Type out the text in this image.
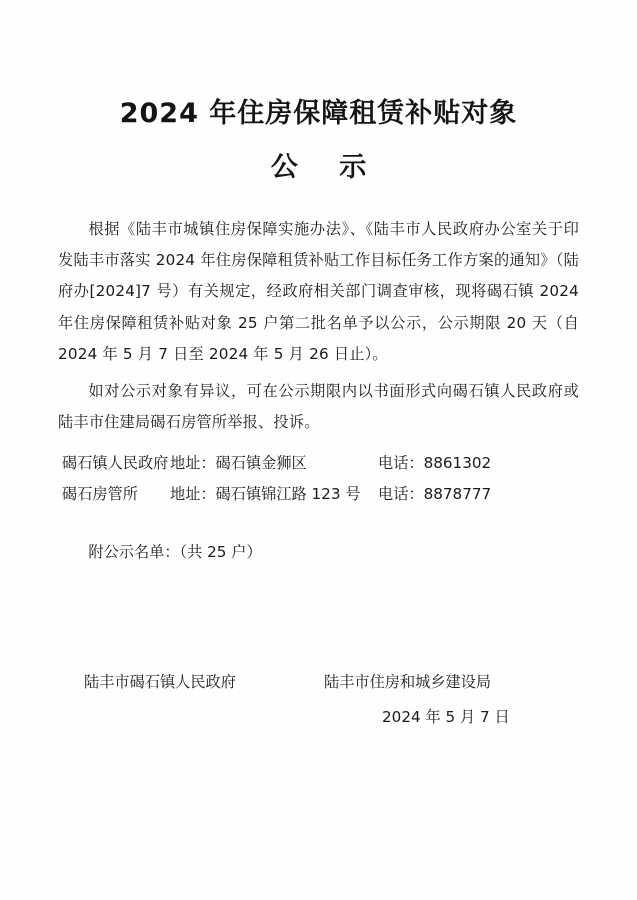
2024 年住房保障租赁补贴对象
公 示

根据《陆丰市城镇住房保障实施办法》、《陆丰市人民政府办公室关于印发陆丰市落实 2024 年住房保障租赁补贴工作目标任务工作方案的通知》（陆府办[2024]7 号）有关规定，经政府相关部门调查审核，现将碣石镇 2024 年住房保障租赁补贴对象 25 户第二批名单予以公示，公示期限 20 天（自 2024 年 5 月 7 日至 2024 年 5 月 26 日止）。

如对公示对象有异议，可在公示期限内以书面形式向碣石镇人民政府或陆丰市住建局碣石房管所举报、投诉。

碣石镇人民政府 地址：碣石镇金狮区	电话：8861302
碣石房管所 地址：碣石镇锦江路 123 号 电话：8878777
附公示名单：（共 25 户）
陆丰市碣石镇人民政府	陆丰市住房和城乡建设局
2024 年 5 月 7 日
